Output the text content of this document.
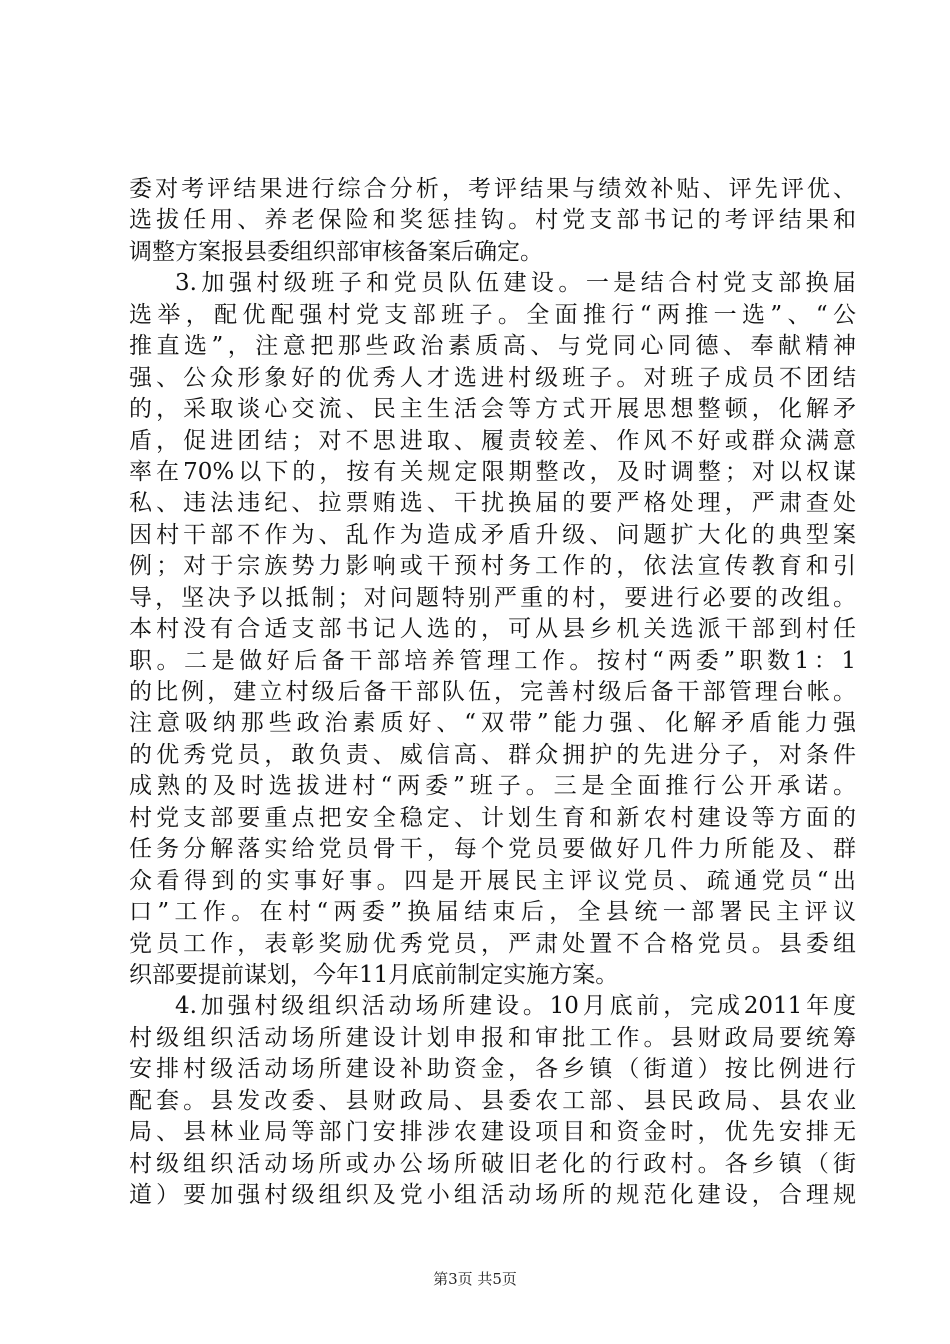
委对考评结果进行综合分析，考评结果与绩效补贴、评先评优、
选拔任用、养老保险和奖惩挂钩。村党支部书记的考评结果和
调整方案报县委组织部审核备案后确定。
3.加强村级班子和党员队伍建设。一是结合村党支部换届
选举，配优配强村党支部班子。全面推行“两推一选”、“公
推直选”，注意把那些政治素质高、与党同心同德、奉献精神
强、公众形象好的优秀人才选进村级班子。对班子成员不团结
的，采取谈心交流、民主生活会等方式开展思想整顿，化解矛
盾，促进团结；对不思进取、履责较差、作风不好或群众满意
率在70%以下的，按有关规定限期整改，及时调整；对以权谋
私、违法违纪、拉票贿选、干扰换届的要严格处理，严肃查处
因村干部不作为、乱作为造成矛盾升级、问题扩大化的典型案
例；对于宗族势力影响或干预村务工作的，依法宣传教育和引
导，坚决予以抵制；对问题特别严重的村，要进行必要的改组。
本村没有合适支部书记人选的，可从县乡机关选派干部到村任
职。二是做好后备干部培养管理工作。按村“两委”职数1：1
的比例，建立村级后备干部队伍，完善村级后备干部管理台帐。
注意吸纳那些政治素质好、“双带”能力强、化解矛盾能力强
的优秀党员，敢负责、威信高、群众拥护的先进分子，对条件
成熟的及时选拔进村“两委”班子。三是全面推行公开承诺。
村党支部要重点把安全稳定、计划生育和新农村建设等方面的
任务分解落实给党员骨干，每个党员要做好几件力所能及、群
众看得到的实事好事。四是开展民主评议党员、疏通党员“出
口”工作。在村“两委”换届结束后，全县统一部署民主评议
党员工作，表彰奖励优秀党员，严肃处置不合格党员。县委组
织部要提前谋划，今年11月底前制定实施方案。
4.加强村级组织活动场所建设。10月底前，完成2011年度
村级组织活动场所建设计划申报和审批工作。县财政局要统筹
安排村级活动场所建设补助资金，各乡镇（街道）按比例进行
配套。县发改委、县财政局、县委农工部、县民政局、县农业
局、县林业局等部门安排涉农建设项目和资金时，优先安排无
村级组织活动场所或办公场所破旧老化的行政村。各乡镇（街
道）要加强村级组织及党小组活动场所的规范化建设，合理规
第3页 共5页
